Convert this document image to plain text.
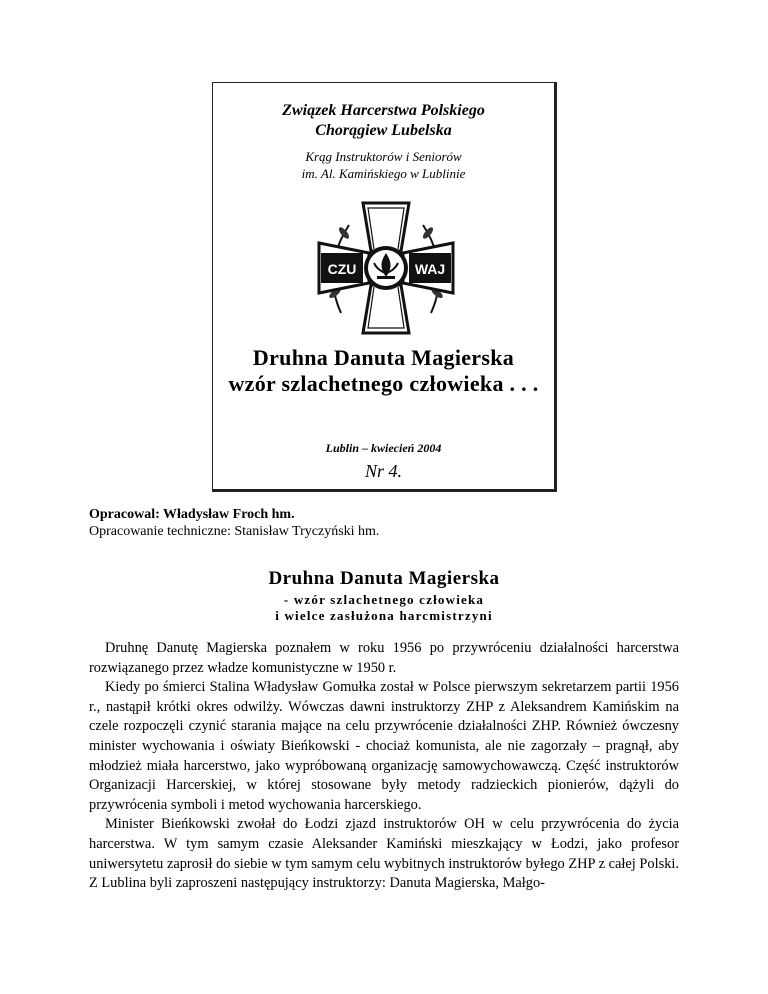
Związek Harcerstwa Polskiego
Chorągiew Lubelska
Krąg Instruktorów i Seniorów
im. Al. Kamińskiego w Lublinie
CZU	WAJ
Druhna Danuta Magierska
wzór szlachetnego człowieka . . .
Lublin – kwiecień 2004
Nr 4.
Opracowal: Władysław Froch hm.
Opracowanie techniczne: Stanisław Tryczyński hm.
Druhna Danuta Magierska
- wzór szlachetnego człowieka
i wielce zasłużona harcmistrzyni

Druhnę Danutę Magierska poznałem w roku 1956 po przywróceniu działalności harcerstwa rozwiązanego przez władze komunistyczne w 1950 r.

Kiedy po śmierci Stalina Władysław Gomułka został w Polsce pierwszym sekretarzem partii 1956 r., nastąpił krótki okres odwilży. Wówczas dawni instruktorzy ZHP z Aleksandrem Kamińskim na czele rozpoczęli czynić starania mające na celu przywrócenie działalności ZHP. Również ówczesny minister wychowania i oświaty Bieńkowski - chociaż komunista, ale nie zagorzały – pragnął, aby młodzież miała harcerstwo, jako wypróbowaną organizację samowychowawczą. Część instruktorów Organizacji Harcerskiej, w której stosowane były metody radzieckich pionierów, dążyli do przywrócenia symboli i metod wychowania harcerskiego.

Minister Bieńkowski zwołał do Łodzi zjazd instruktorów OH w celu przywrócenia do życia harcerstwa. W tym samym czasie Aleksander Kamiński mieszkający w Łodzi, jako profesor uniwersytetu zaprosił do siebie w tym samym celu wybitnych instruktorów byłego ZHP z całej Polski. Z Lublina byli zaproszeni następujący instruktorzy: Danuta Magierska, Małgo-
